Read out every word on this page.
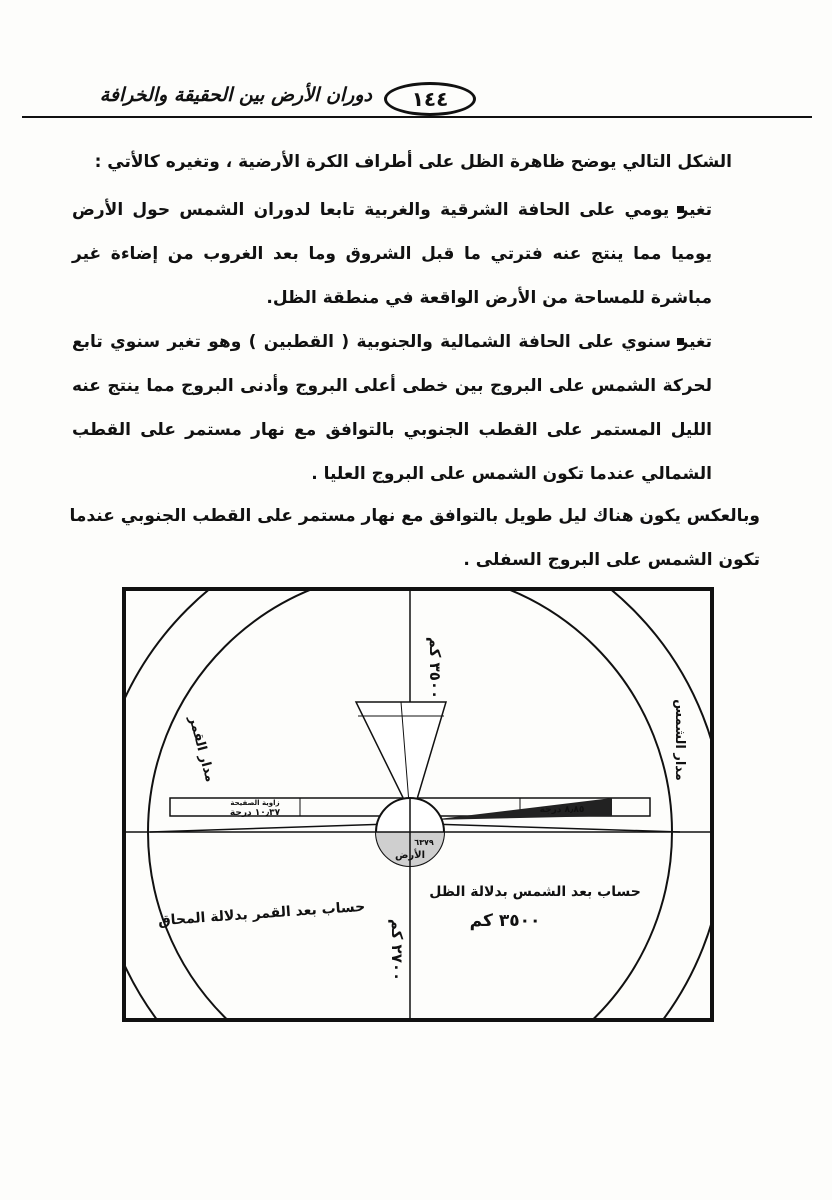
١٤٤
دوران الأرض بين الحقيقة والخرافة
الشكل التالي يوضح ظاهرة الظل على أطراف الكرة الأرضية ، وتغيره كالأتي :
تغير يومي على الحافة الشرقية والغربية تابعا لدوران الشمس حول الأرض يوميا مما ينتج عنه فترتي ما قبل الشروق وما بعد الغروب من إضاءة غير مباشرة للمساحة من الأرض الواقعة في منطقة الظل.
تغير سنوي على الحافة الشمالية والجنوبية ( القطبين ) وهو تغير سنوي تابع لحركة الشمس على البروج بين خطى أعلى البروج وأدنى البروج مما ينتج عنه الليل المستمر على القطب الجنوبي بالتوافق مع نهار مستمر على القطب الشمالي عندما تكون الشمس على البروج العليا .
وبالعكس يكون هناك ليل طويل بالتوافق مع نهار مستمر على القطب الجنوبي عندما تكون الشمس على البروج السفلى .
٣٥٠٠ كم
٢٧٠٠ كم
مدار الشمس
مدار القمر
حساب بعد الشمس بدلالة الظل
٣٥٠٠ كم
حساب بعد القمر بدلالة المحاق
الأرض
٦٣٧٩
٨٫٨٥ درجة
١٠٫٣٧ درجة
زاوية الصفيحة
